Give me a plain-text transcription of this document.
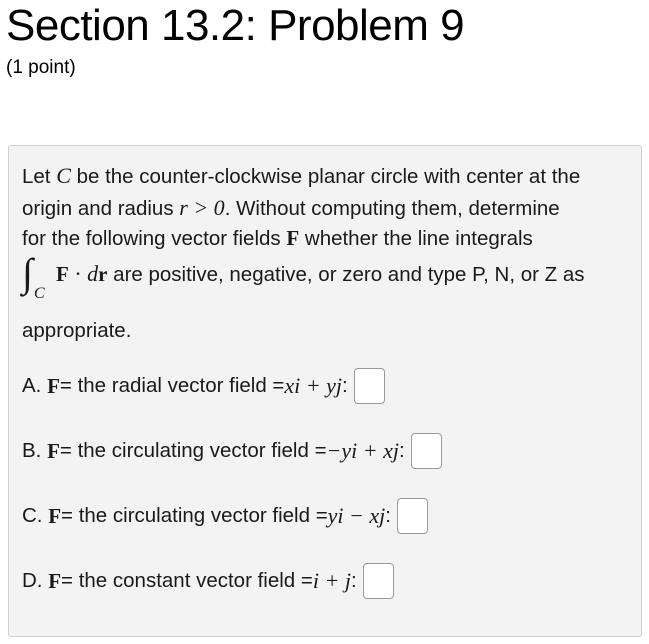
Section 13.2: Problem 9
(1 point)
Let C be the counter-clockwise planar circle with center at the
origin and radius r > 0. Without computing them, determine
for the following vector fields F whether the line integrals
∫ C
F · dr are positive, negative, or zero and type P, N, or Z as
appropriate.
A.
F = the radial vector field = xi + yj :
B.
F = the circulating vector field = −yi + xj :
C.
F = the circulating vector field = yi − xj :
D.
F = the constant vector field = i + j :
